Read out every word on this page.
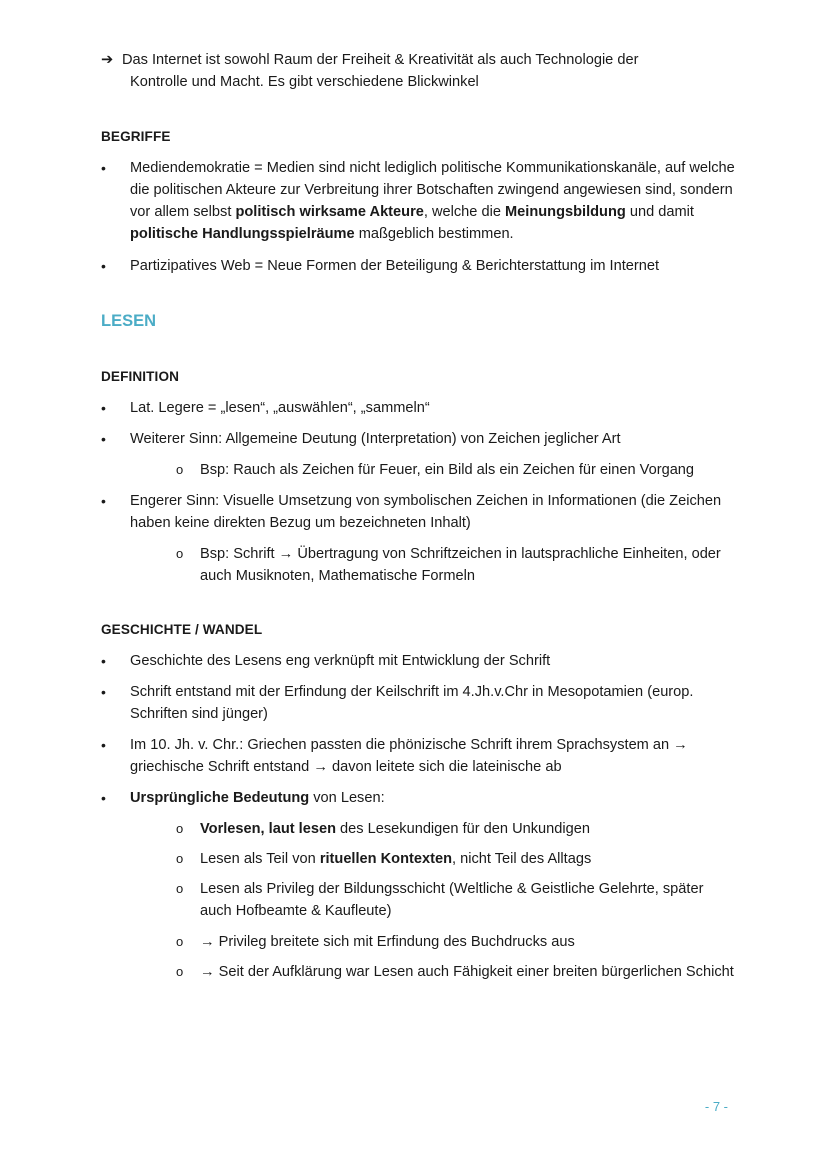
➔ Das Internet ist sowohl Raum der Freiheit & Kreativität als auch Technologie der
Kontrolle und Macht. Es gibt verschiedene Blickwinkel
BEGRIFFE
•	Mediendemokratie = Medien sind nicht lediglich politische Kommunikationskanäle, auf welche die politischen Akteure zur Verbreitung ihrer Botschaften zwingend angewiesen sind, sondern vor allem selbst politisch wirksame Akteure, welche die Meinungsbildung und damit politische Handlungsspielräume maßgeblich bestimmen.
•	Partizipatives Web = Neue Formen der Beteiligung & Berichterstattung im Internet
LESEN
DEFINITION
•	Lat. Legere = „lesen“, „auswählen“, „sammeln“
•	Weiterer Sinn: Allgemeine Deutung (Interpretation) von Zeichen jeglicher Art
o Bsp: Rauch als Zeichen für Feuer, ein Bild als ein Zeichen für einen Vorgang
•	Engerer Sinn: Visuelle Umsetzung von symbolischen Zeichen in Informationen (die Zeichen haben keine direkten Bezug um bezeichneten Inhalt)
o Bsp: Schrift → Übertragung von Schriftzeichen in lautsprachliche Einheiten, oder auch Musiknoten, Mathematische Formeln
GESCHICHTE / WANDEL
•	Geschichte des Lesens eng verknüpft mit Entwicklung der Schrift
•	Schrift entstand mit der Erfindung der Keilschrift im 4.Jh.v.Chr in Mesopotamien (europ. Schriften sind jünger)
•	Im 10. Jh. v. Chr.: Griechen passten die phönizische Schrift ihrem Sprachsystem an → griechische Schrift entstand → davon leitete sich die lateinische ab
•	Ursprüngliche Bedeutung von Lesen:
o Vorlesen, laut lesen des Lesekundigen für den Unkundigen
o Lesen als Teil von rituellen Kontexten, nicht Teil des Alltags
o Lesen als Privileg der Bildungsschicht (Weltliche & Geistliche Gelehrte, später auch Hofbeamte & Kaufleute)
o → Privileg breitete sich mit Erfindung des Buchdrucks aus
o → Seit der Aufklärung war Lesen auch Fähigkeit einer breiten bürgerlichen Schicht
- 7 -
